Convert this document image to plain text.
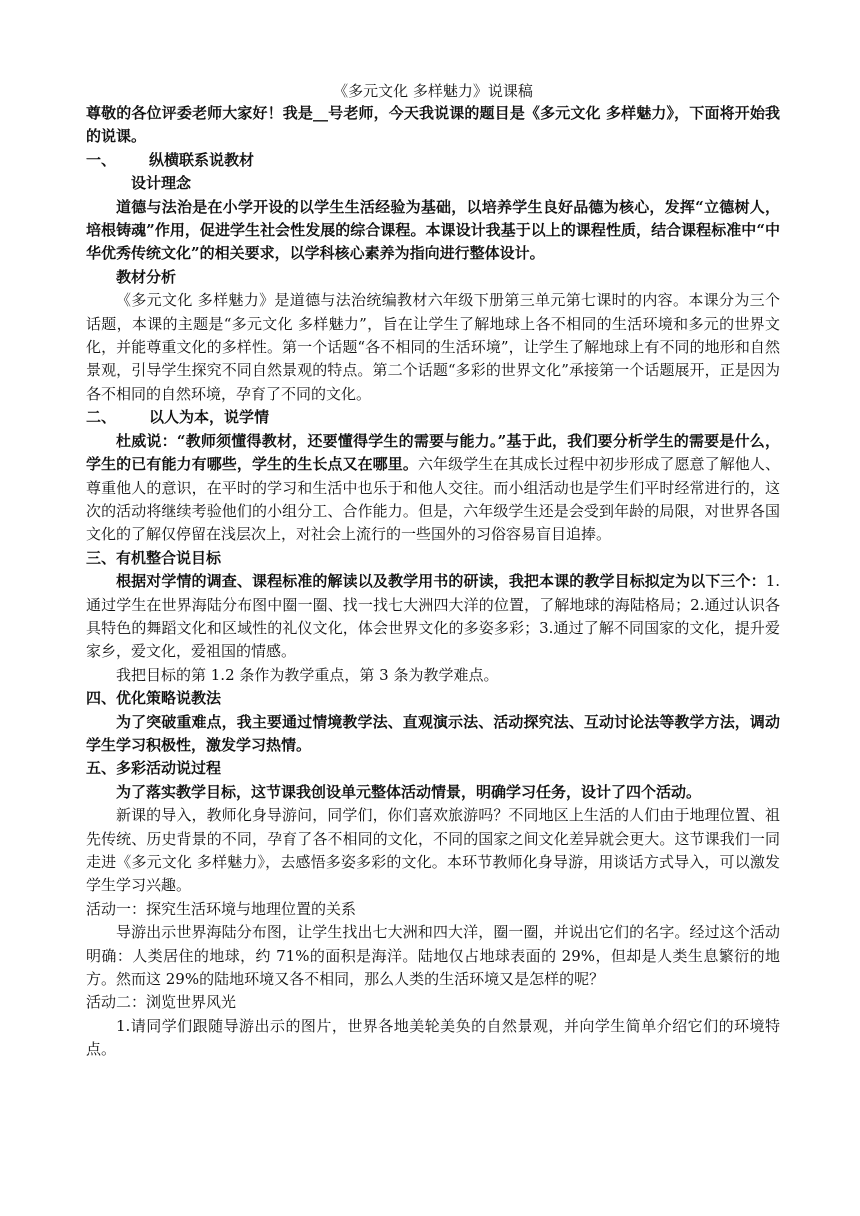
《多元文化 多样魅力》说课稿

尊敬的各位评委老师大家好！我是__号老师，今天我说课的题目是《多元文化 多样魅力》，下面将开始我的说课。

一、 纵横联系说教材

设计理念

道德与法治是在小学开设的以学生生活经验为基础，以培养学生良好品德为核心，发挥“立德树人，培根铸魂”作用，促进学生社会性发展的综合课程。本课设计我基于以上的课程性质，结合课程标准中“中华优秀传统文化”的相关要求，以学科核心素养为指向进行整体设计。

教材分析

《多元文化 多样魅力》是道德与法治统编教材六年级下册第三单元第七课时的内容。本课分为三个话题，本课的主题是“多元文化 多样魅力”，旨在让学生了解地球上各不相同的生活环境和多元的世界文化，并能尊重文化的多样性。第一个话题“各不相同的生活环境”，让学生了解地球上有不同的地形和自然景观，引导学生探究不同自然景观的特点。第二个话题“多彩的世界文化”承接第一个话题展开，正是因为各不相同的自然环境，孕育了不同的文化。

二、 以人为本，说学情

杜威说：“教师须懂得教材，还要懂得学生的需要与能力。”基于此，我们要分析学生的需要是什么，学生的已有能力有哪些，学生的生长点又在哪里。六年级学生在其成长过程中初步形成了愿意了解他人、尊重他人的意识，在平时的学习和生活中也乐于和他人交往。而小组活动也是学生们平时经常进行的，这次的活动将继续考验他们的小组分工、合作能力。但是，六年级学生还是会受到年龄的局限，对世界各国文化的了解仅停留在浅层次上，对社会上流行的一些国外的习俗容易盲目追捧。

三、有机整合说目标

根据对学情的调查、课程标准的解读以及教学用书的研读，我把本课的教学目标拟定为以下三个：1.通过学生在世界海陆分布图中圈一圈、找一找七大洲四大洋的位置，了解地球的海陆格局；2.通过认识各具特色的舞蹈文化和区域性的礼仪文化，体会世界文化的多姿多彩；3.通过了解不同国家的文化，提升爱家乡，爱文化，爱祖国的情感。

我把目标的第 1.2 条作为教学重点，第 3 条为教学难点。

四、优化策略说教法

为了突破重难点，我主要通过情境教学法、直观演示法、活动探究法、互动讨论法等教学方法，调动学生学习积极性，激发学习热情。

五、多彩活动说过程

为了落实教学目标，这节课我创设单元整体活动情景，明确学习任务，设计了四个活动。

新课的导入，教师化身导游问，同学们，你们喜欢旅游吗？不同地区上生活的人们由于地理位置、祖先传统、历史背景的不同，孕育了各不相同的文化，不同的国家之间文化差异就会更大。这节课我们一同走进《多元文化 多样魅力》，去感悟多姿多彩的文化。本环节教师化身导游，用谈话方式导入，可以激发学生学习兴趣。

活动一：探究生活环境与地理位置的关系

导游出示世界海陆分布图，让学生找出七大洲和四大洋，圈一圈，并说出它们的名字。经过这个活动明确：人类居住的地球，约 71%的面积是海洋。陆地仅占地球表面的 29%，但却是人类生息繁衍的地方。然而这 29%的陆地环境又各不相同，那么人类的生活环境又是怎样的呢？

活动二：浏览世界风光

1.请同学们跟随导游出示的图片，世界各地美轮美奂的自然景观，并向学生简单介绍它们的环境特点。
